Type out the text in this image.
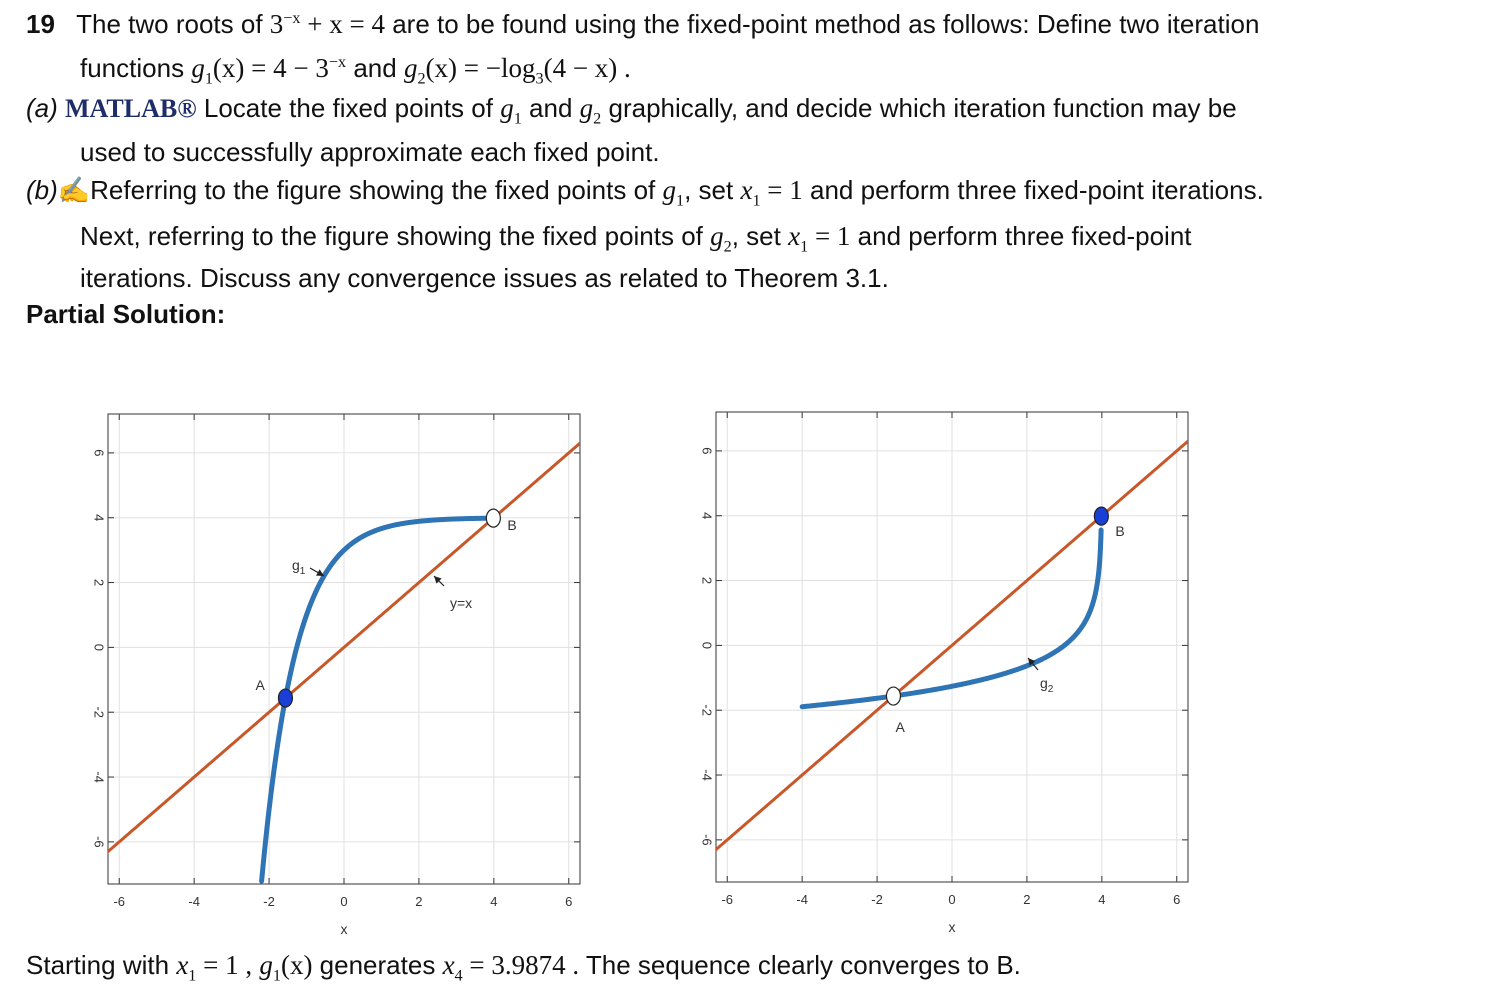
19 The two roots of $3^{-x} + x = 4$ are to be found using the fixed-point method as follows: Define two iteration
functions $g_1(x) = 4 - 3^{-x}$ and $g_2(x) = -\log_3(4 - x)$ .
(a) MATLAB® Locate the fixed points of $g_1$ and $g_2$ graphically, and decide which iteration function may be
used to successfully approximate each fixed point.
(b)✍Referring to the figure showing the fixed points of $g_1$, set $x_1 = 1$ and perform three fixed-point iterations.
Next, referring to the figure showing the fixed points of $g_2$, set $x_1 = 1$ and perform three fixed-point
iterations. Discuss any convergence issues as related to Theorem 3.1.
Partial Solution:
-6	-4	-2	0	2	4	6
-6
-4
-2
0
2
4
6
x
A
B
$g_1$
y=x
-6	-4	-2	0	2	4	6
-6
-4
-2
0
2
4
6
x
A
B
$g_2$
Starting with $x_1 = 1$ , $g_1(x)$ generates $x_4 = 3.9874$ . The sequence clearly converges to B.
